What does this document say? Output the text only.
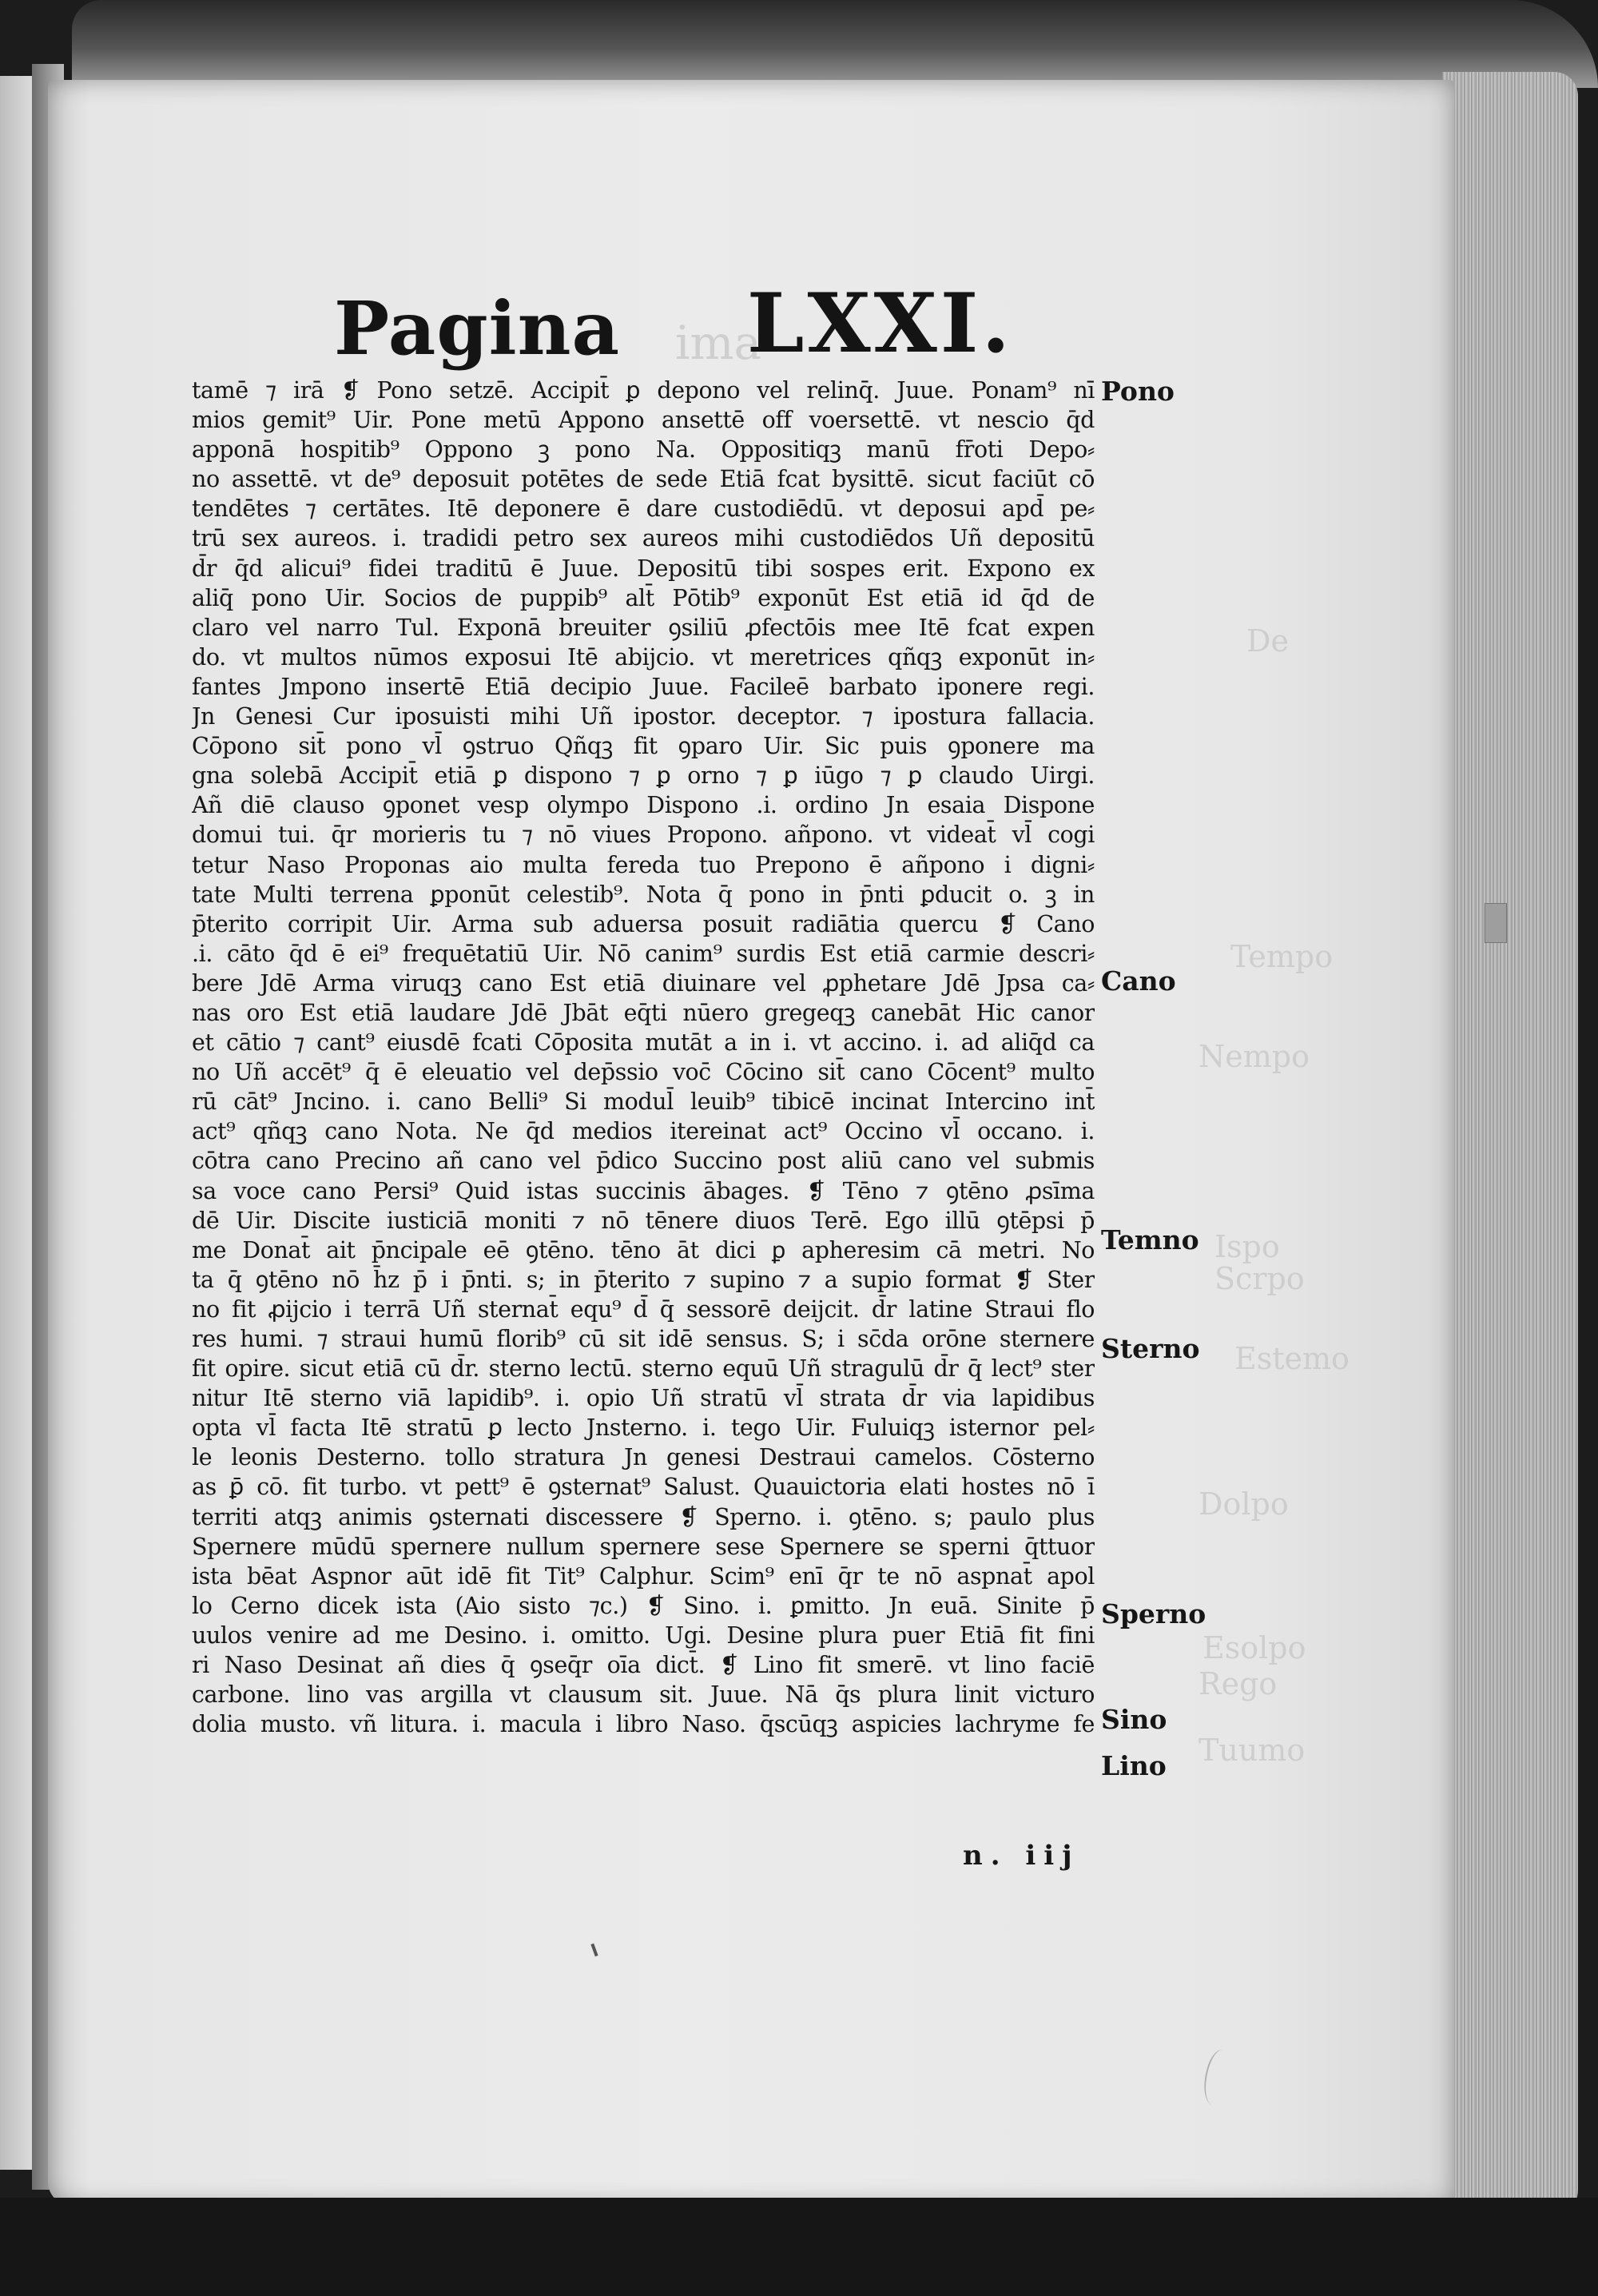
ima
De
Tempo
Nempo
Ispo
Scrpo
Estemo
Dolpo
Esolpo
Rego
Tuumo
Pagina LXXI.
tamē ⁊ irā ❡ Pono setzē. Accipit̄ ꝑ depono vel relinq̄. Juue. Ponam⁹ nī
mios gemit⁹ Uir. Pone metū Appono ansettē off voersettē. vt nescio q̄d
apponā hospitib⁹ Oppono ꝫ pono Na. Oppositiqꝫ manū fr̄oti Depo⸗
no assettē. vt de⁹ deposuit potētes de sede Etiā fcat bysittē. sicut faciūt cō
tendētes ⁊ certātes. Itē deponere ē dare custodiēdū. vt deposui apd̄ pe⸗
trū sex aureos. i. tradidi petro sex aureos mihi custodiēdos Uñ depositū
d̄r q̄d alicui⁹ fidei traditū ē Juue. Depositū tibi sospes erit. Expono ex
aliq̄ pono Uir. Socios de puppib⁹ alt̄ Pōtib⁹ exponūt Est etiā id q̄d de
claro vel narro Tul. Exponā breuiter ꝯsiliū ꝓfectōis mee Itē fcat expen
do. vt multos nūmos exposui Itē abijcio. vt meretrices qñqꝫ exponūt in⸗
fantes Jmpono insertē Etiā decipio Juue. Facileē barbato iponere regi.
Jn Genesi Cur iposuisti mihi Uñ ipostor. deceptor. ⁊ ipostura fallacia.
Cōpono sit̄ pono vl̄ ꝯstruo Qñqꝫ fit ꝯparo Uir. Sic puis ꝯponere ma
gna solebā Accipit̄ etiā ꝑ dispono ⁊ ꝑ orno ⁊ ꝑ iūgo ⁊ ꝑ claudo Uirgi.
Añ diē clauso ꝯponet vesp olympo Dispono .i. ordino Jn esaia Dispone
domui tui. q̄r morieris tu ⁊ nō viues Propono. añpono. vt videat̄ vl̄ cogi
tetur Naso Proponas aio multa fereda tuo Prepono ē añpono i digni⸗
tate Multi terrena ꝑponūt celestib⁹. Nota q̄ pono in p̄nti ꝑducit o. ꝫ in
p̄terito corripit Uir. Arma sub aduersa posuit radiātia quercu ❡ Cano
.i. cāto q̄d ē ei⁹ frequētatiū Uir. Nō canim⁹ surdis Est etiā carmie descri⸗
bere Jdē Arma viruqꝫ cano Est etiā diuinare vel ꝓphetare Jdē Jpsa ca⸗
nas oro Est etiā laudare Jdē Jbāt eq̄ti nūero gregeqꝫ canebāt Hic canor
et cātio ⁊ cant⁹ eiusdē fcati Cōposita mutāt a in i. vt accino. i. ad aliq̄d ca
no Uñ accēt⁹ q̄ ē eleuatio vel dep̄ssio voc̄ Cōcino sit̄ cano Cōcent⁹ multo
rū cāt⁹ Jncino. i. cano Belli⁹ Si modul̄ leuib⁹ tibicē incinat Intercino int̄
act⁹ qñqꝫ cano Nota. Ne q̄d medios itereinat act⁹ Occino vl̄ occano. i.
cōtra cano Precino añ cano vel p̄dico Succino post aliū cano vel submis
sa voce cano Persi⁹ Quid istas succinis ābages. ❡ Tēno ⁊ ꝯtēno ꝓsīma
dē Uir. Discite iusticiā moniti ⁊ nō tēnere diuos Terē. Ego illū ꝯtēpsi p̄
me Donat̄ ait p̄ncipale eē ꝯtēno. tēno āt dici ꝑ apheresim cā metri. No
ta q̄ ꝯtēno nō h̄z p̄ i p̄nti. s; in p̄terito ⁊ supino ⁊ a supio format ❡ Ster
no fit ꝓijcio i terrā Uñ sternat̄ equ⁹ d̄ q̄ sessorē deijcit. d̄r latine Straui flo
res humi. ⁊ straui humū florib⁹ cū sit idē sensus. S; i sc̄da orōne sternere
fit opire. sicut etiā cū d̄r. sterno lectū. sterno equū Uñ stragulū d̄r q̄ lect⁹ ster
nitur Itē sterno viā lapidib⁹. i. opio Uñ stratū vl̄ strata d̄r via lapidibus
opta vl̄ facta Itē stratū ꝑ lecto Jnsterno. i. tego Uir. Fuluiqꝫ isternor pel⸗
le leonis Desterno. tollo stratura Jn genesi Destraui camelos. Cōsterno
as ꝑ̄ cō. fit turbo. vt pett⁹ ē ꝯsternat⁹ Salust. Quauictoria elati hostes nō ī
territi atqꝫ animis ꝯsternati discessere ❡ Sperno. i. ꝯtēno. s; paulo plus
Spernere mūdū spernere nullum spernere sese Spernere se sperni q̄ttuor
ista bēat Aspnor aūt idē fit Tit⁹ Calphur. Scim⁹ enī q̄r te nō aspnat̄ apol
lo Cerno dicek ista (Aio sisto ⁊c.) ❡ Sino. i. ꝑmitto. Jn euā. Sinite p̄
uulos venire ad me Desino. i. omitto. Ugi. Desine plura puer Etiā fit fini
ri Naso Desinat añ dies q̄ ꝯseq̄r oīa dict̄. ❡ Lino fit smerē. vt lino faciē
carbone. lino vas argilla vt clausum sit. Juue. Nā q̄s plura linit victuro
dolia musto. vñ litura. i. macula i libro Naso. q̄scūqꝫ aspicies lachryme fe
Pono
Cano
Temno
Sterno
Sperno
Sino
Lino
n. iij
